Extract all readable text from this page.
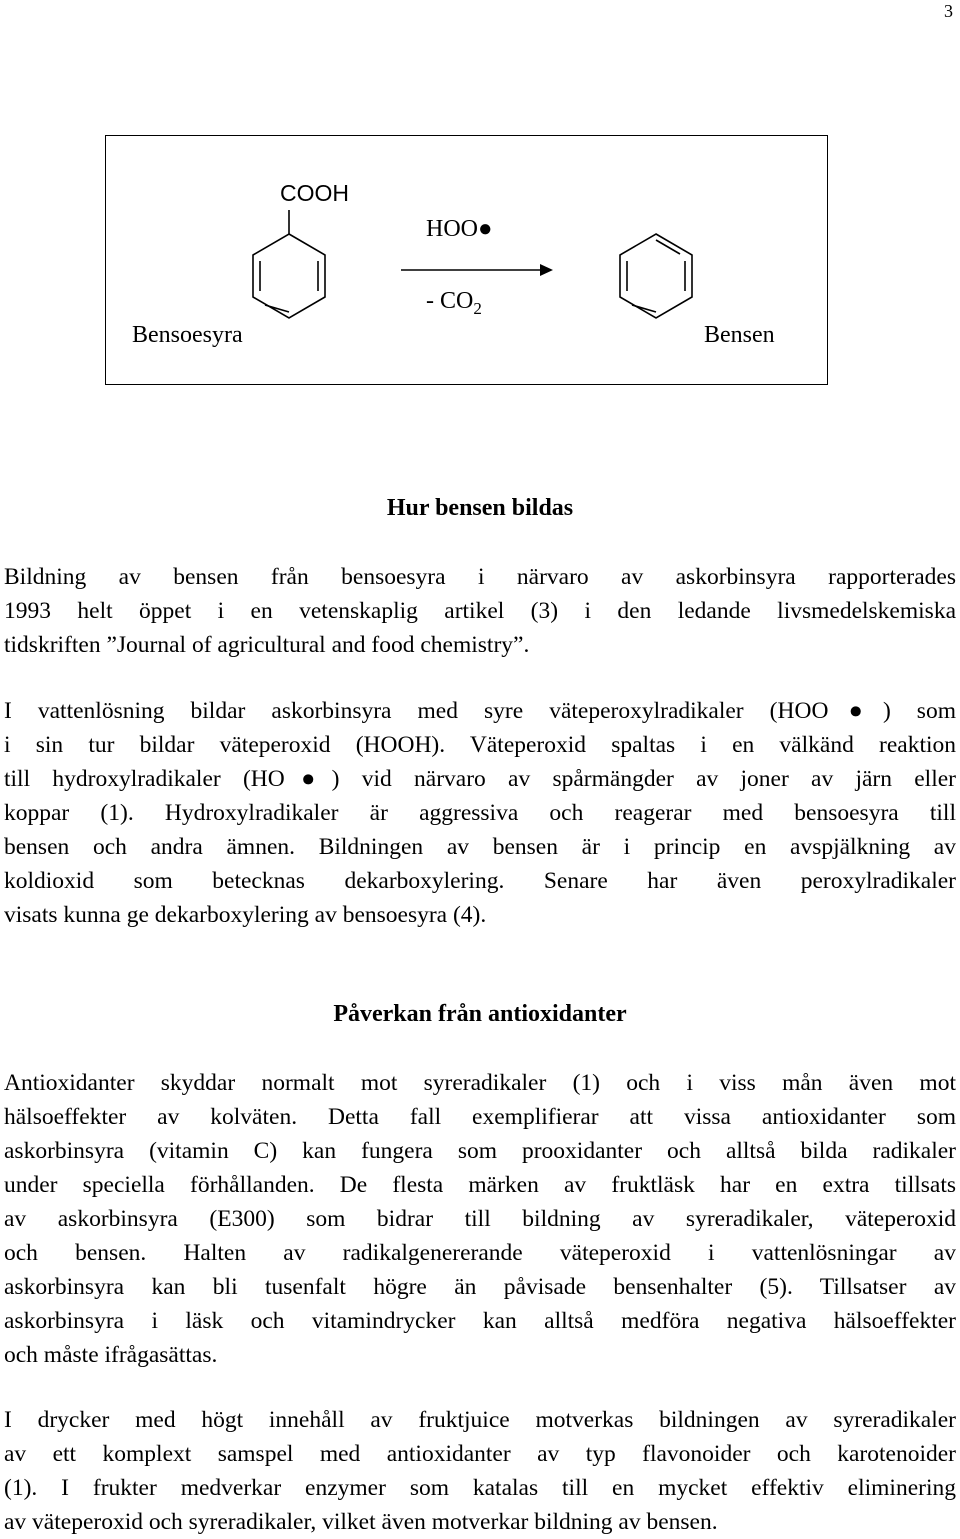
3
COOH
HOO●
- $CO_2$
Bensoesyra	Bensen
Hur bensen bildas
Bildning av bensen från bensoesyra i närvaro av askorbinsyra rapporterades
1993 helt öppet i en vetenskaplig artikel (3) i den ledande livsmedelskemiska
tidskriften ”Journal of agricultural and food chemistry”.
I vattenlösning bildar askorbinsyra med syre väteperoxylradikaler (HOO●) som
i sin tur bildar väteperoxid (HOOH). Väteperoxid spaltas i en välkänd reaktion
till hydroxylradikaler (HO●) vid närvaro av spårmängder av joner av järn eller
koppar (1). Hydroxylradikaler är aggressiva och reagerar med bensoesyra till
bensen och andra ämnen. Bildningen av bensen är i princip en avspjälkning av
koldioxid som betecknas dekarboxylering. Senare har även peroxylradikaler
visats kunna ge dekarboxylering av bensoesyra (4).
Påverkan från antioxidanter
Antioxidanter skyddar normalt mot syreradikaler (1) och i viss mån även mot
hälsoeffekter av kolväten. Detta fall exemplifierar att vissa antioxidanter som
askorbinsyra (vitamin C) kan fungera som prooxidanter och alltså bilda radikaler
under speciella förhållanden. De flesta märken av fruktläsk har en extra tillsats
av askorbinsyra (E300) som bidrar till bildning av syreradikaler, väteperoxid
och bensen. Halten av radikalgenererande väteperoxid i vattenlösningar av
askorbinsyra kan bli tusenfalt högre än påvisade bensenhalter (5). Tillsatser av
askorbinsyra i läsk och vitamindrycker kan alltså medföra negativa hälsoeffekter
och måste ifrågasättas.
I drycker med högt innehåll av fruktjuice motverkas bildningen av syreradikaler
av ett komplext samspel med antioxidanter av typ flavonoider och karotenoider
(1). I frukter medverkar enzymer som katalas till en mycket effektiv eliminering
av väteperoxid och syreradikaler, vilket även motverkar bildning av bensen.
